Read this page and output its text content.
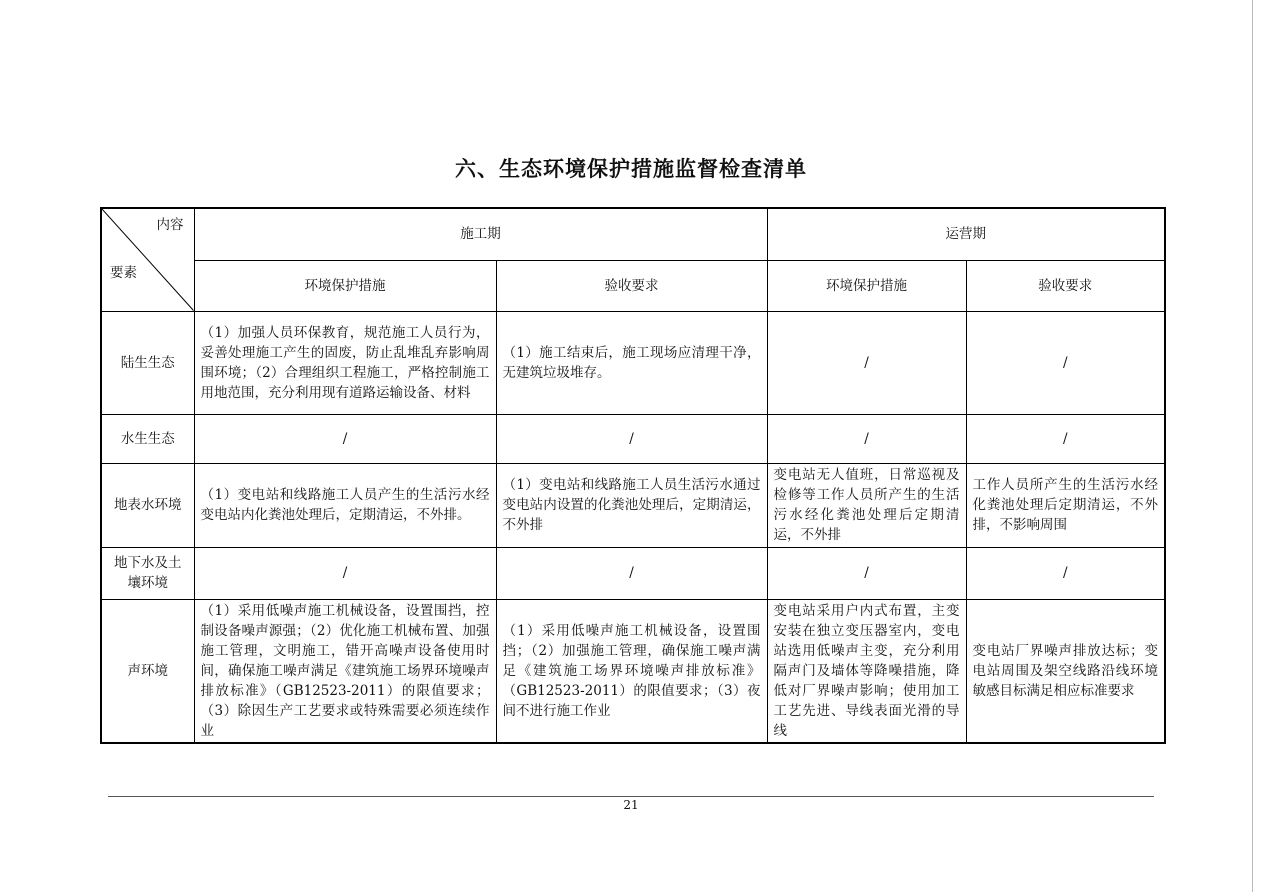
六、生态环境保护措施监督检查清单
内容
要素	施工期		运营期	
	环境保护措施	验收要求	环境保护措施	验收要求
陆生生态	（1）加强人员环保教育，规范施工人员行为，妥善处理施工产生的固废，防止乱堆乱弃影响周围环境；（2）合理组织工程施工，严格控制施工用地范围，充分利用现有道路运输设备、材料	（1）施工结束后，施工现场应清理干净，无建筑垃圾堆存。	/	/
水生生态	/	/	/	/
地表水环境	（1）变电站和线路施工人员产生的生活污水经变电站内化粪池处理后，定期清运，不外排。	（1）变电站和线路施工人员生活污水通过变电站内设置的化粪池处理后，定期清运，不外排	变电站无人值班，日常巡视及检修等工作人员所产生的生活污水经化粪池处理后定期清运，不外排	工作人员所产生的生活污水经化粪池处理后定期清运，不外排，不影响周围
地下水及土壤环境	/	/	/	/
声环境	（1）采用低噪声施工机械设备，设置围挡，控制设备噪声源强；（2）优化施工机械布置、加强施工管理，文明施工，错开高噪声设备使用时间，确保施工噪声满足《建筑施工场界环境噪声排放标准》（GB12523-2011）的限值要求；（3）除因生产工艺要求或特殊需要必须连续作业	（1）采用低噪声施工机械设备，设置围挡；（2）加强施工管理，确保施工噪声满足《建筑施工场界环境噪声排放标准》（GB12523-2011）的限值要求；（3）夜间不进行施工作业	变电站采用户内式布置，主变安装在独立变压器室内，变电站选用低噪声主变，充分利用隔声门及墙体等降噪措施，降低对厂界噪声影响；使用加工工艺先进、导线表面光滑的导线	变电站厂界噪声排放达标；变电站周围及架空线路沿线环境敏感目标满足相应标准要求
21
